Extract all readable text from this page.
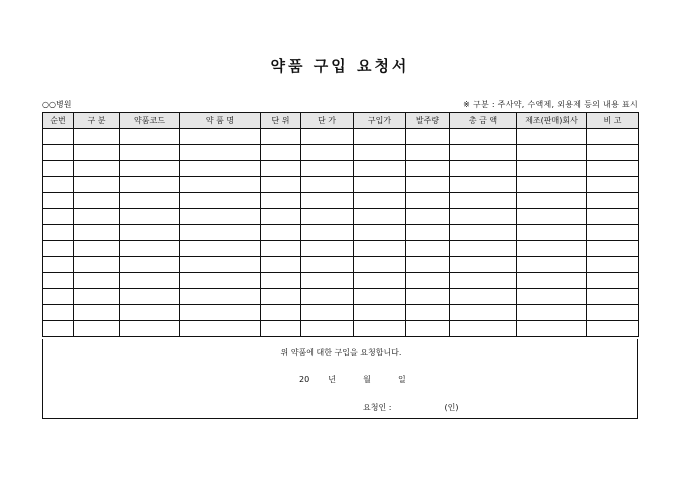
약품 구입 요청서
○○병원	※ 구분 : 주사약, 수액제, 외용제 등의 내용 표시
순번	구 분	약품코드	약 품 명	단 위	단 가	구입가	발주량	총 금 액	제조(판매)회사	비 고

위 약품에 대한 구입을 요청합니다.
20 년	월	일
요청인 :	(인)
